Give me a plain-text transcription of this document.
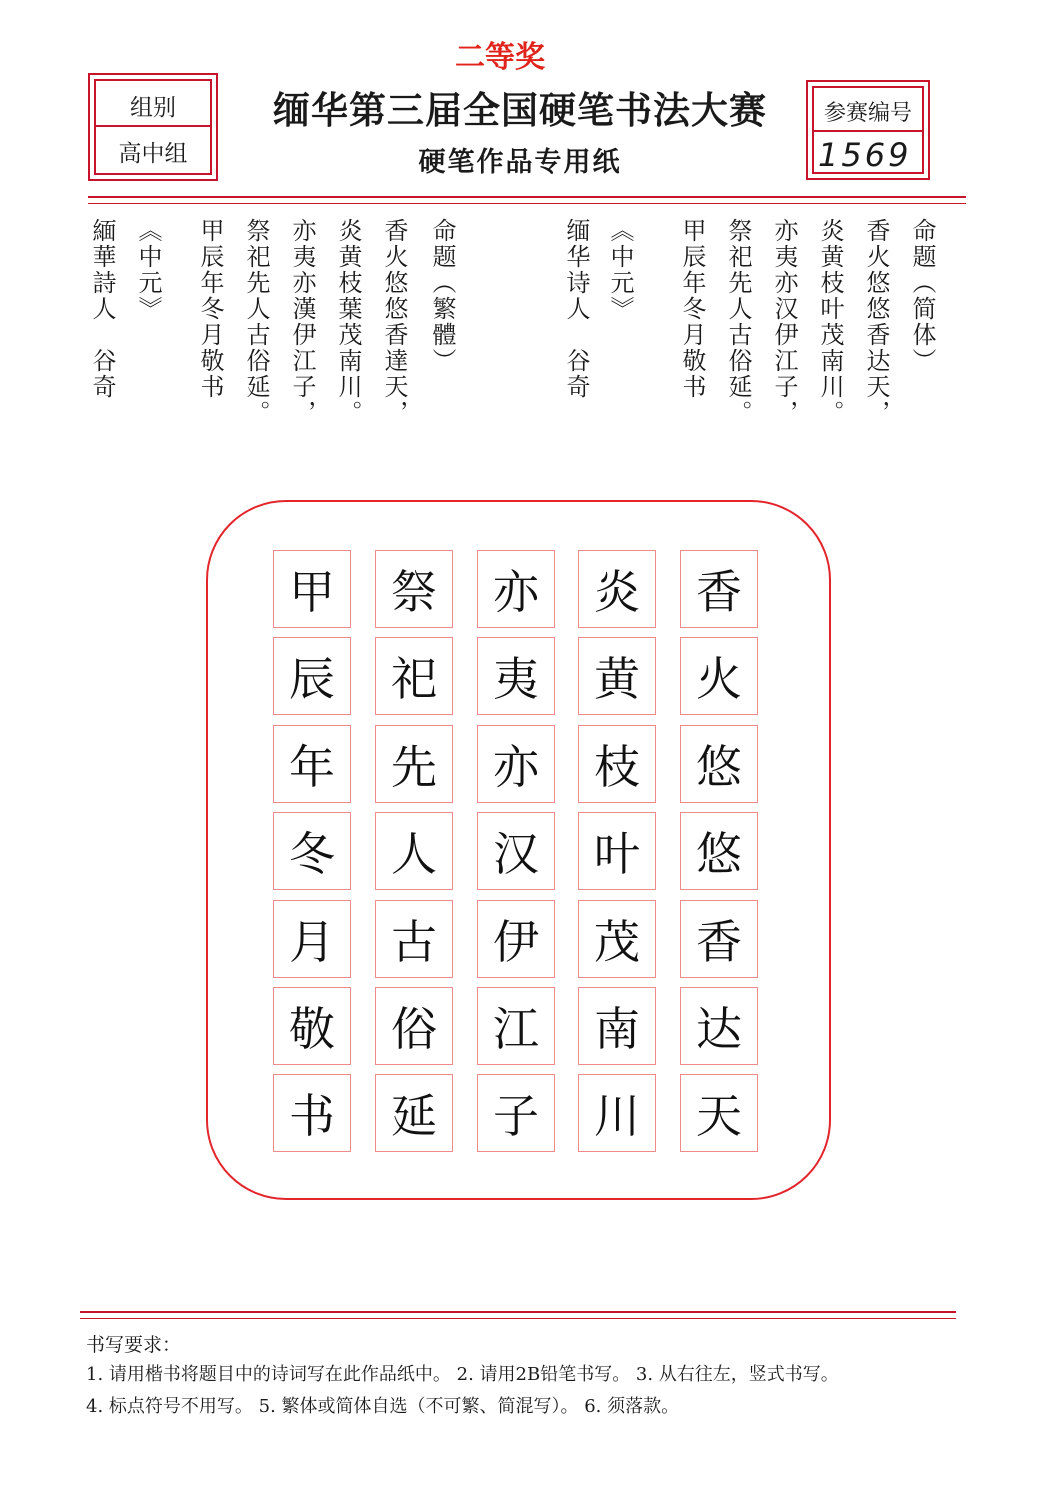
二等奖
组别
高中组
缅华第三届全国硬笔书法大赛
硬笔作品专用纸
参赛编号
1569
命题（繁體）
香火悠悠香達天，
炎黄枝葉茂南川。
亦夷亦漢伊江子，
祭祀先人古俗延。
甲辰年冬月敬书
《中元》
緬華詩人　谷奇	命题（简体）
香火悠悠香达天，
炎黄枝叶茂南川。
亦夷亦汉伊江子，
祭祀先人古俗延。
甲辰年冬月敬书
《中元》
缅华诗人　谷奇
香
火
悠
悠
香
达
天
炎
黄
枝
叶
茂
南
川
亦
夷
亦
汉
伊
江
子
祭
祀
先
人
古
俗
延
甲
辰
年
冬
月
敬
书
书写要求：
1. 请用楷书将题目中的诗词写在此作品纸中。 2. 请用2B铅笔书写。 3. 从右往左，竖式书写。
4. 标点符号不用写。 5. 繁体或简体自选（不可繁、简混写）。 6. 须落款。
